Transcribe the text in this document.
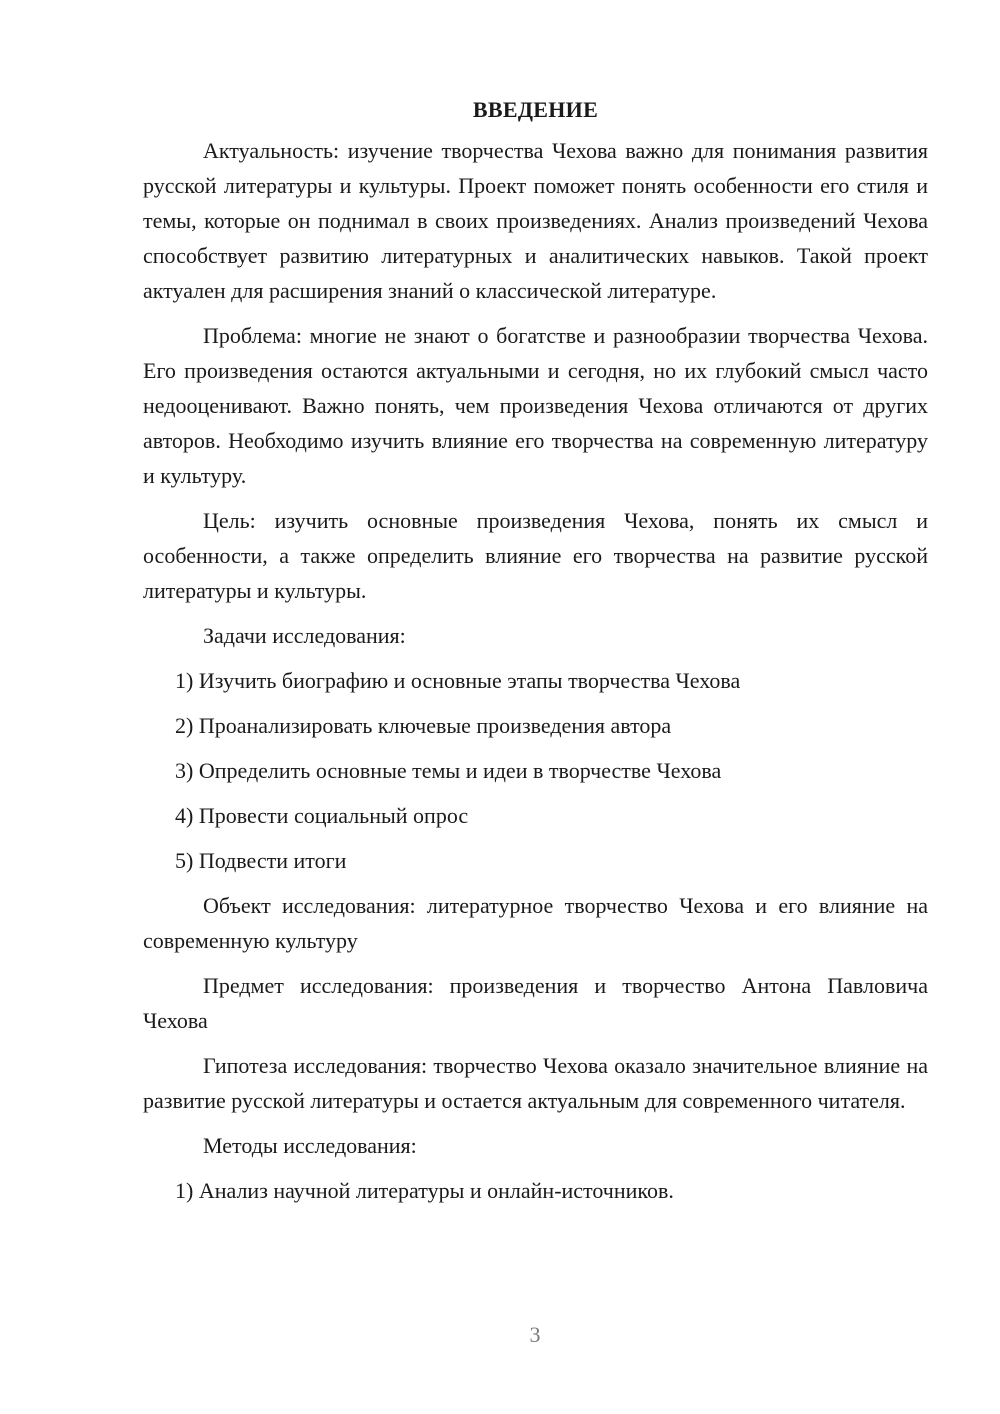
ВВЕДЕНИЕ

Актуальность: изучение творчества Чехова важно для понимания развития русской литературы и культуры. Проект поможет понять особенности его стиля и темы, которые он поднимал в своих произведениях. Анализ произведений Чехова способствует развитию литературных и аналитических навыков. Такой проект актуален для расширения знаний о классической литературе.

Проблема: многие не знают о богатстве и разнообразии творчества Чехова. Его произведения остаются актуальными и сегодня, но их глубокий смысл часто недооценивают. Важно понять, чем произведения Чехова отличаются от других авторов. Необходимо изучить влияние его творчества на современную литературу и культуру.

Цель: изучить основные произведения Чехова, понять их смысл и особенности, а также определить влияние его творчества на развитие русской литературы и культуры.

Задачи исследования:
1) Изучить биографию и основные этапы творчества Чехова
2) Проанализировать ключевые произведения автора
3) Определить основные темы и идеи в творчестве Чехова
4) Провести социальный опрос
5) Подвести итоги

Объект исследования: литературное творчество Чехова и его влияние на современную культуру

Предмет исследования: произведения и творчество Антона Павловича Чехова

Гипотеза исследования: творчество Чехова оказало значительное влияние на развитие русской литературы и остается актуальным для современного читателя.

Методы исследования:
1) Анализ научной литературы и онлайн-источников.
3
